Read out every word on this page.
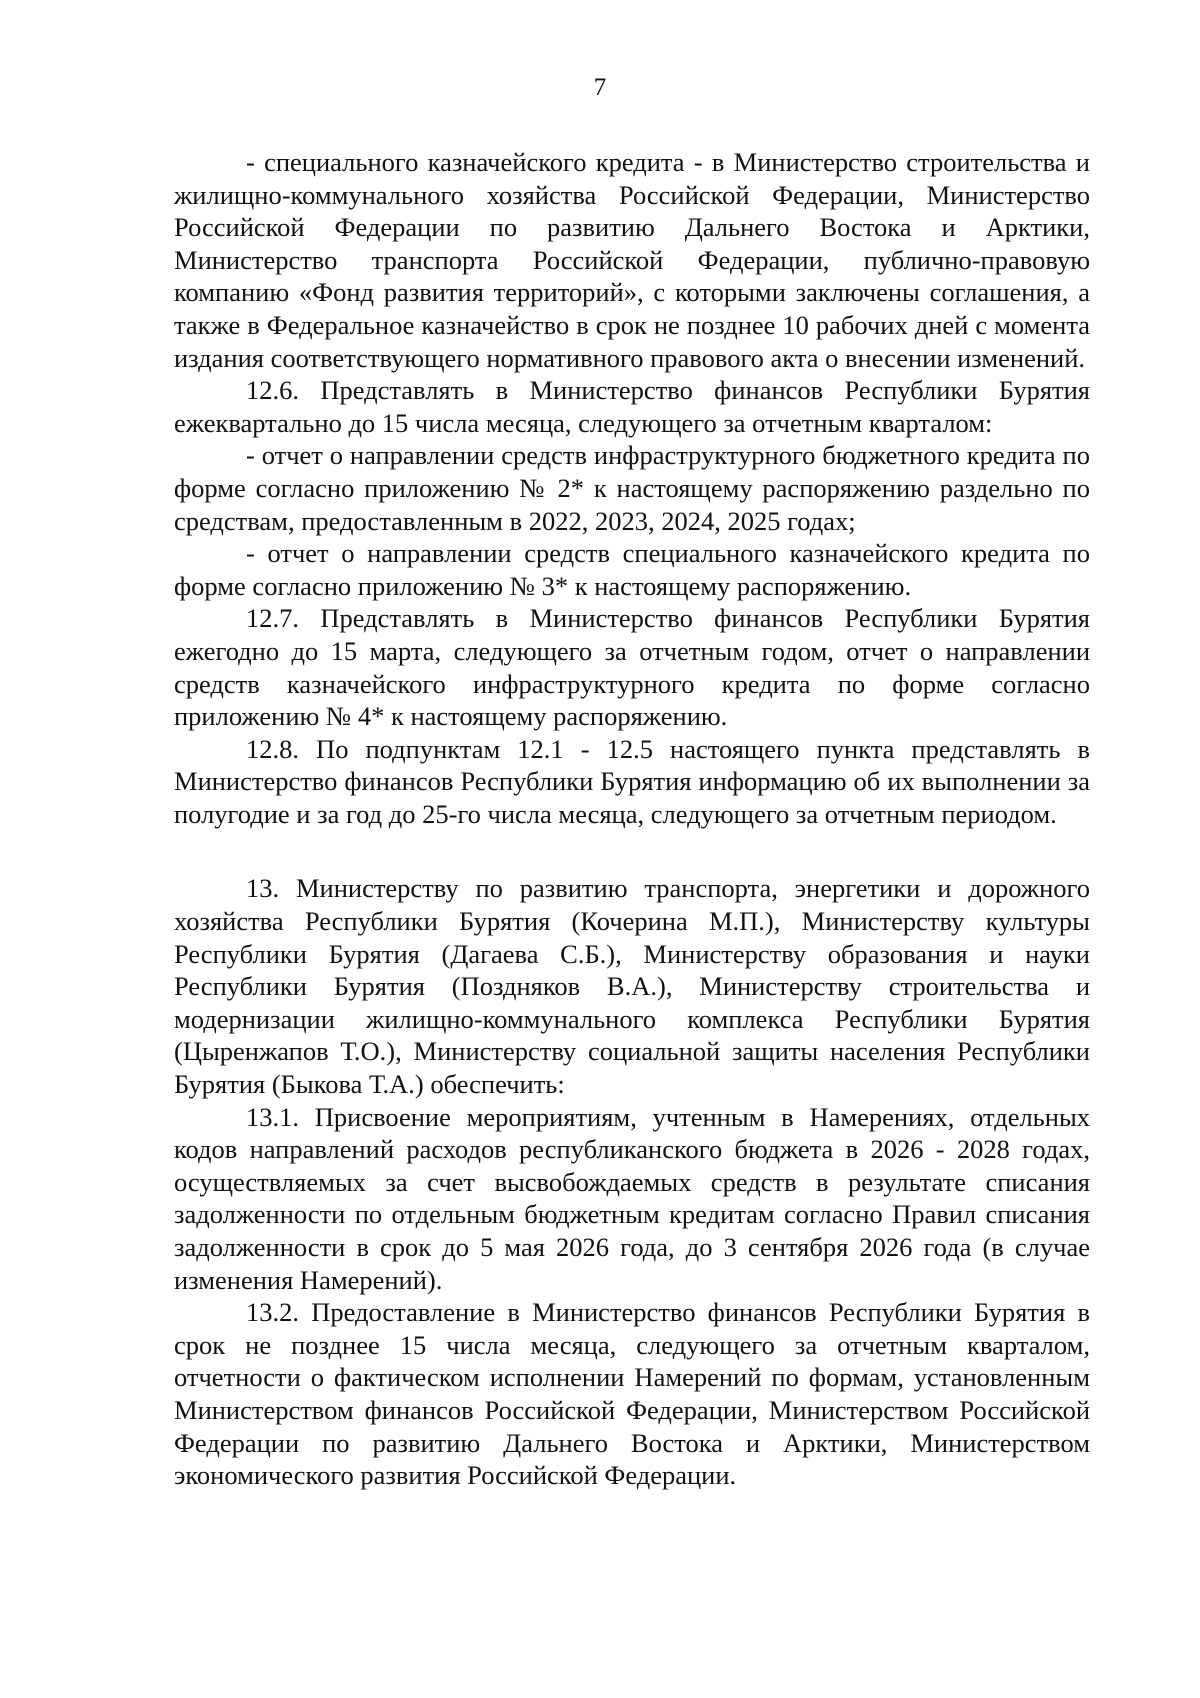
7

- специального казначейского кредита - в Министерство строительства и жилищно-коммунального хозяйства Российской Федерации, Министерство Российской Федерации по развитию Дальнего Востока и Арктики, Министерство транспорта Российской Федерации, публично-правовую компанию «Фонд развития территорий», с которыми заключены соглашения, а также в Федеральное казначейство в срок не позднее 10 рабочих дней с момента издания соответствующего нормативного правового акта о внесении изменений.

12.6. Представлять в Министерство финансов Республики Бурятия ежеквартально до 15 числа месяца, следующего за отчетным кварталом:

- отчет о направлении средств инфраструктурного бюджетного кредита по форме согласно приложению № 2* к настоящему распоряжению раздельно по средствам, предоставленным в 2022, 2023, 2024, 2025 годах;

- отчет о направлении средств специального казначейского кредита по форме согласно приложению № 3* к настоящему распоряжению.

12.7. Представлять в Министерство финансов Республики Бурятия ежегодно до 15 марта, следующего за отчетным годом, отчет о направлении средств казначейского инфраструктурного кредита по форме согласно приложению № 4* к настоящему распоряжению.

12.8. По подпунктам 12.1 - 12.5 настоящего пункта представлять в Министерство финансов Республики Бурятия информацию об их выполнении за полугодие и за год до 25-го числа месяца, следующего за отчетным периодом.

13. Министерству по развитию транспорта, энергетики и дорожного хозяйства Республики Бурятия (Кочерина М.П.), Министерству культуры Республики Бурятия (Дагаева С.Б.), Министерству образования и науки Республики Бурятия (Поздняков В.А.), Министерству строительства и модернизации жилищно-коммунального комплекса Республики Бурятия (Цыренжапов Т.О.), Министерству социальной защиты населения Республики Бурятия (Быкова Т.А.) обеспечить:

13.1. Присвоение мероприятиям, учтенным в Намерениях, отдельных кодов направлений расходов республиканского бюджета в 2026 - 2028 годах, осуществляемых за счет высвобождаемых средств в результате списания задолженности по отдельным бюджетным кредитам согласно Правил списания задолженности в срок до 5 мая 2026 года, до 3 сентября 2026 года (в случае изменения Намерений).

13.2. Предоставление в Министерство финансов Республики Бурятия в срок не позднее 15 числа месяца, следующего за отчетным кварталом, отчетности о фактическом исполнении Намерений по формам, установленным Министерством финансов Российской Федерации, Министерством Российской Федерации по развитию Дальнего Востока и Арктики, Министерством экономического развития Российской Федерации.
